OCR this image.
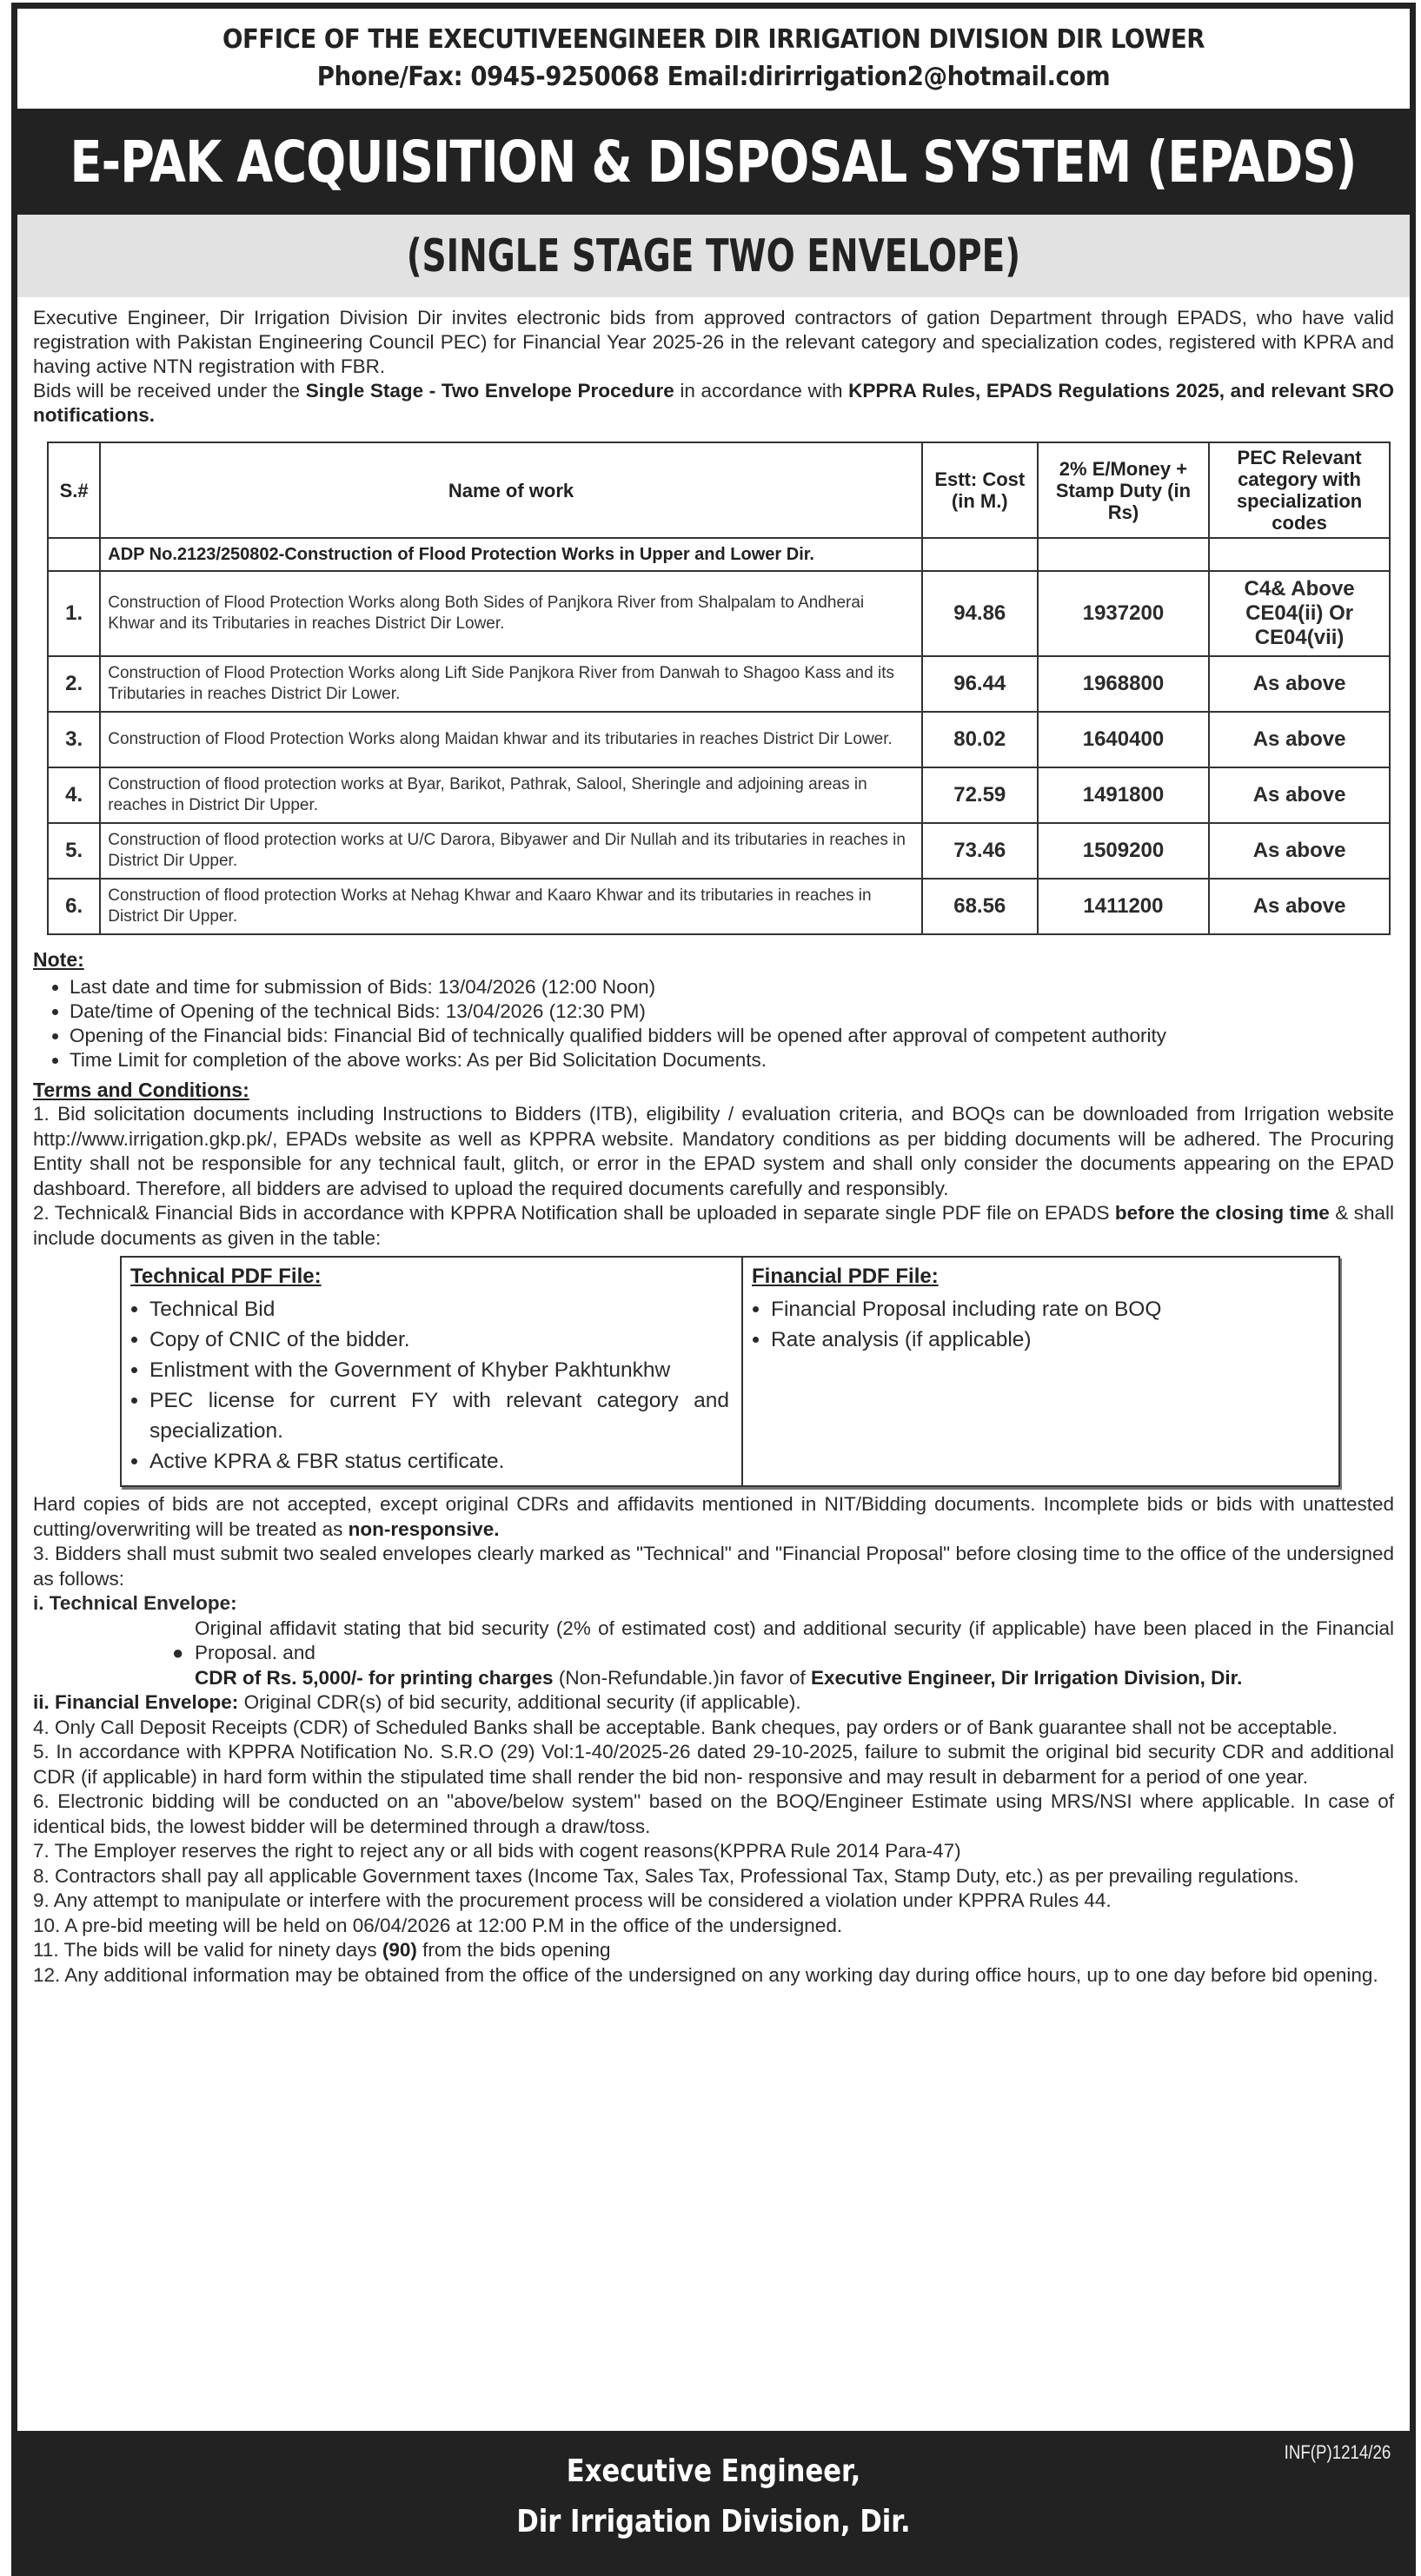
OFFICE OF THE EXECUTIVEENGINEER DIR IRRIGATION DIVISION DIR LOWER
Phone/Fax: 0945-9250068 Email:dirirrigation2@hotmail.com
E-PAK ACQUISITION & DISPOSAL SYSTEM (EPADS)
(SINGLE STAGE TWO ENVELOPE)
Executive Engineer, Dir Irrigation Division Dir invites electronic bids from approved contractors of gation Department through EPADS, who have valid registration with Pakistan Engineering Council PEC) for Financial Year 2025-26 in the relevant category and specialization codes, registered with KPRA and having active NTN registration with FBR.
Bids will be received under the Single Stage - Two Envelope Procedure in accordance with KPPRA Rules, EPADS Regulations 2025, and relevant SRO notifications.
S.#	Name of work	Estt: Cost (in M.)	2% E/Money + Stamp Duty (in Rs)	PEC Relevant category with specialization codes
	ADP No.2123/250802-Construction of Flood Protection Works in Upper and Lower Dir.			
1.	Construction of Flood Protection Works along Both Sides of Panjkora River from Shalpalam to Andherai Khwar and its Tributaries in reaches District Dir Lower.	94.86	1937200	C4& Above CE04(ii) Or CE04(vii)
2.	Construction of Flood Protection Works along Lift Side Panjkora River from Danwah to Shagoo Kass and its Tributaries in reaches District Dir Lower.	96.44	1968800	As above
3.	Construction of Flood Protection Works along Maidan khwar and its tributaries in reaches District Dir Lower.	80.02	1640400	As above
4.	Construction of flood protection works at Byar, Barikot, Pathrak, Salool, Sheringle and adjoining areas in reaches in District Dir Upper.	72.59	1491800	As above
5.	Construction of flood protection works at U/C Darora, Bibyawer and Dir Nullah and its tributaries in reaches in District Dir Upper.	73.46	1509200	As above
6.	Construction of flood protection Works at Nehag Khwar and Kaaro Khwar and its tributaries in reaches in District Dir Upper.	68.56	1411200	As above
Note:
• Last date and time for submission of Bids: 13/04/2026 (12:00 Noon)
• Date/time of Opening of the technical Bids: 13/04/2026 (12:30 PM)
• Opening of the Financial bids: Financial Bid of technically qualified bidders will be opened after approval of competent authority
• Time Limit for completion of the above works: As per Bid Solicitation Documents.
Terms and Conditions:

1. Bid solicitation documents including Instructions to Bidders (ITB), eligibility / evaluation criteria, and BOQs can be downloaded from Irrigation website http://www.irrigation.gkp.pk/, EPADs website as well as KPPRA website. Mandatory conditions as per bidding documents will be adhered. The Procuring Entity shall not be responsible for any technical fault, glitch, or error in the EPAD system and shall only consider the documents appearing on the EPAD dashboard. Therefore, all bidders are advised to upload the required documents carefully and responsibly.

2. Technical& Financial Bids in accordance with KPPRA Notification shall be uploaded in separate single PDF file on EPADS before the closing time & shall include documents as given in the table:

Technical PDF File:
• Technical Bid
• Copy of CNIC of the bidder.
• Enlistment with the Government of Khyber Pakhtunkhw
• PEC license for current FY with relevant category and specialization.
• Active KPRA & FBR status certificate.
Financial PDF File:
• Financial Proposal including rate on BOQ
• Rate analysis (if applicable)

Hard copies of bids are not accepted, except original CDRs and affidavits mentioned in NIT/Bidding documents. Incomplete bids or bids with unattested cutting/overwriting will be treated as non-responsive.

3. Bidders shall must submit two sealed envelopes clearly marked as "Technical" and "Financial Proposal" before closing time to the office of the undersigned as follows:

i. Technical Envelope:

●

Original affidavit stating that bid security (2% of estimated cost) and additional security (if applicable) have been placed in the Financial Proposal. and

CDR of Rs. 5,000/- for printing charges (Non-Refundable.)in favor of Executive Engineer, Dir Irrigation Division, Dir.

ii. Financial Envelope: Original CDR(s) of bid security, additional security (if applicable).

4. Only Call Deposit Receipts (CDR) of Scheduled Banks shall be acceptable. Bank cheques, pay orders or of Bank guarantee shall not be acceptable.

5. In accordance with KPPRA Notification No. S.R.O (29) Vol:1-40/2025-26 dated 29-10-2025, failure to submit the original bid security CDR and additional CDR (if applicable) in hard form within the stipulated time shall render the bid non- responsive and may result in debarment for a period of one year.

6. Electronic bidding will be conducted on an "above/below system" based on the BOQ/Engineer Estimate using MRS/NSI where applicable. In case of identical bids, the lowest bidder will be determined through a draw/toss.

7. The Employer reserves the right to reject any or all bids with cogent reasons(KPPRA Rule 2014 Para-47)

8. Contractors shall pay all applicable Government taxes (Income Tax, Sales Tax, Professional Tax, Stamp Duty, etc.) as per prevailing regulations.

9. Any attempt to manipulate or interfere with the procurement process will be considered a violation under KPPRA Rules 44.

10. A pre-bid meeting will be held on 06/04/2026 at 12:00 P.M in the office of the undersigned.

11. The bids will be valid for ninety days (90) from the bids opening

12. Any additional information may be obtained from the office of the undersigned on any working day during office hours, up to one day before bid opening.

Executive Engineer,
Dir Irrigation Division, Dir.
INF(P)1214/26
